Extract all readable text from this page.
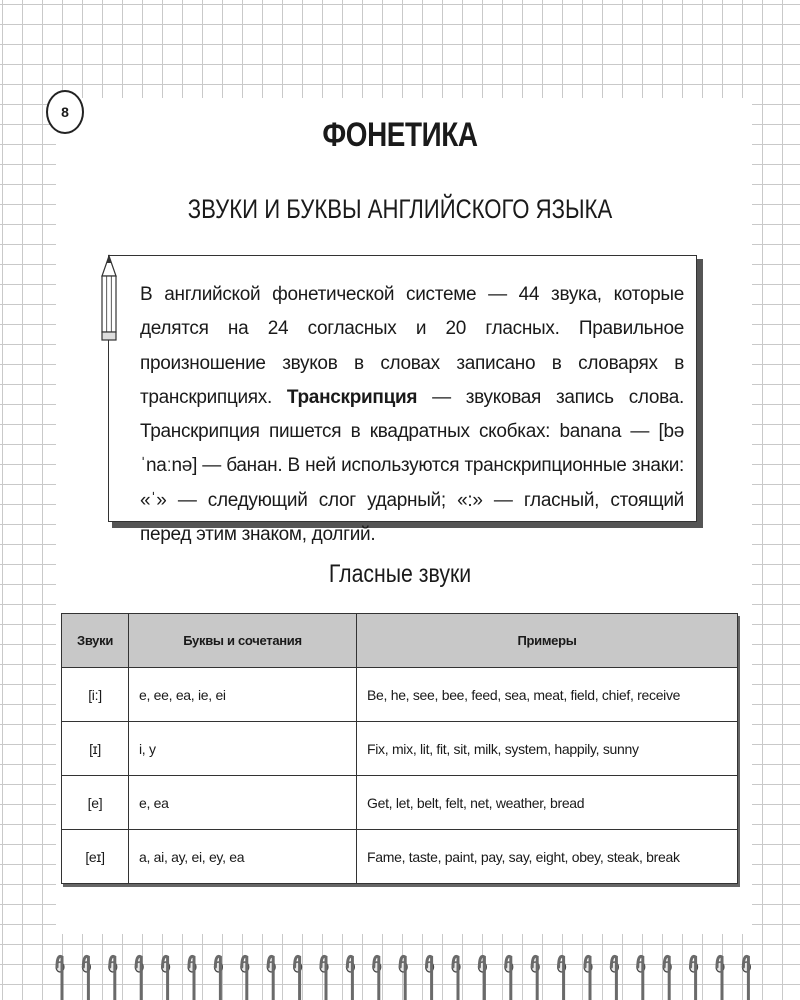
8
ФОНЕТИКА
ЗВУКИ И БУКВЫ АНГЛИЙСКОГО ЯЗЫКА

В английской фонетической системе — 44 звука, которые делятся на 24 согласных и 20 гласных. Правильное произношение звуков в словах записано в словарях в транскрипциях. Транскрипция — звуковая запись слова. Транскрипция пишется в квадратных скобках: banana — [bəˈnaːnə] — банан. В ней используются транскрипционные знаки: «ˈ» — следующий слог ударный; «:» — гласный, стоящий перед этим знаком, долгий.

Гласные звуки
Звуки	Буквы и сочетания	Примеры
[i:]	e, ee, ea, ie, ei	Be, he, see, bee, feed, sea, meat, field, chief, receive
[ɪ]	i, y	Fix, mix, lit, fit, sit, milk, system, happily, sunny
[e]	e, ea	Get, let, belt, felt, net, weather, bread
[eɪ]	a, ai, ay, ei, ey, ea	Fame, taste, paint, pay, say, eight, obey, steak, break
